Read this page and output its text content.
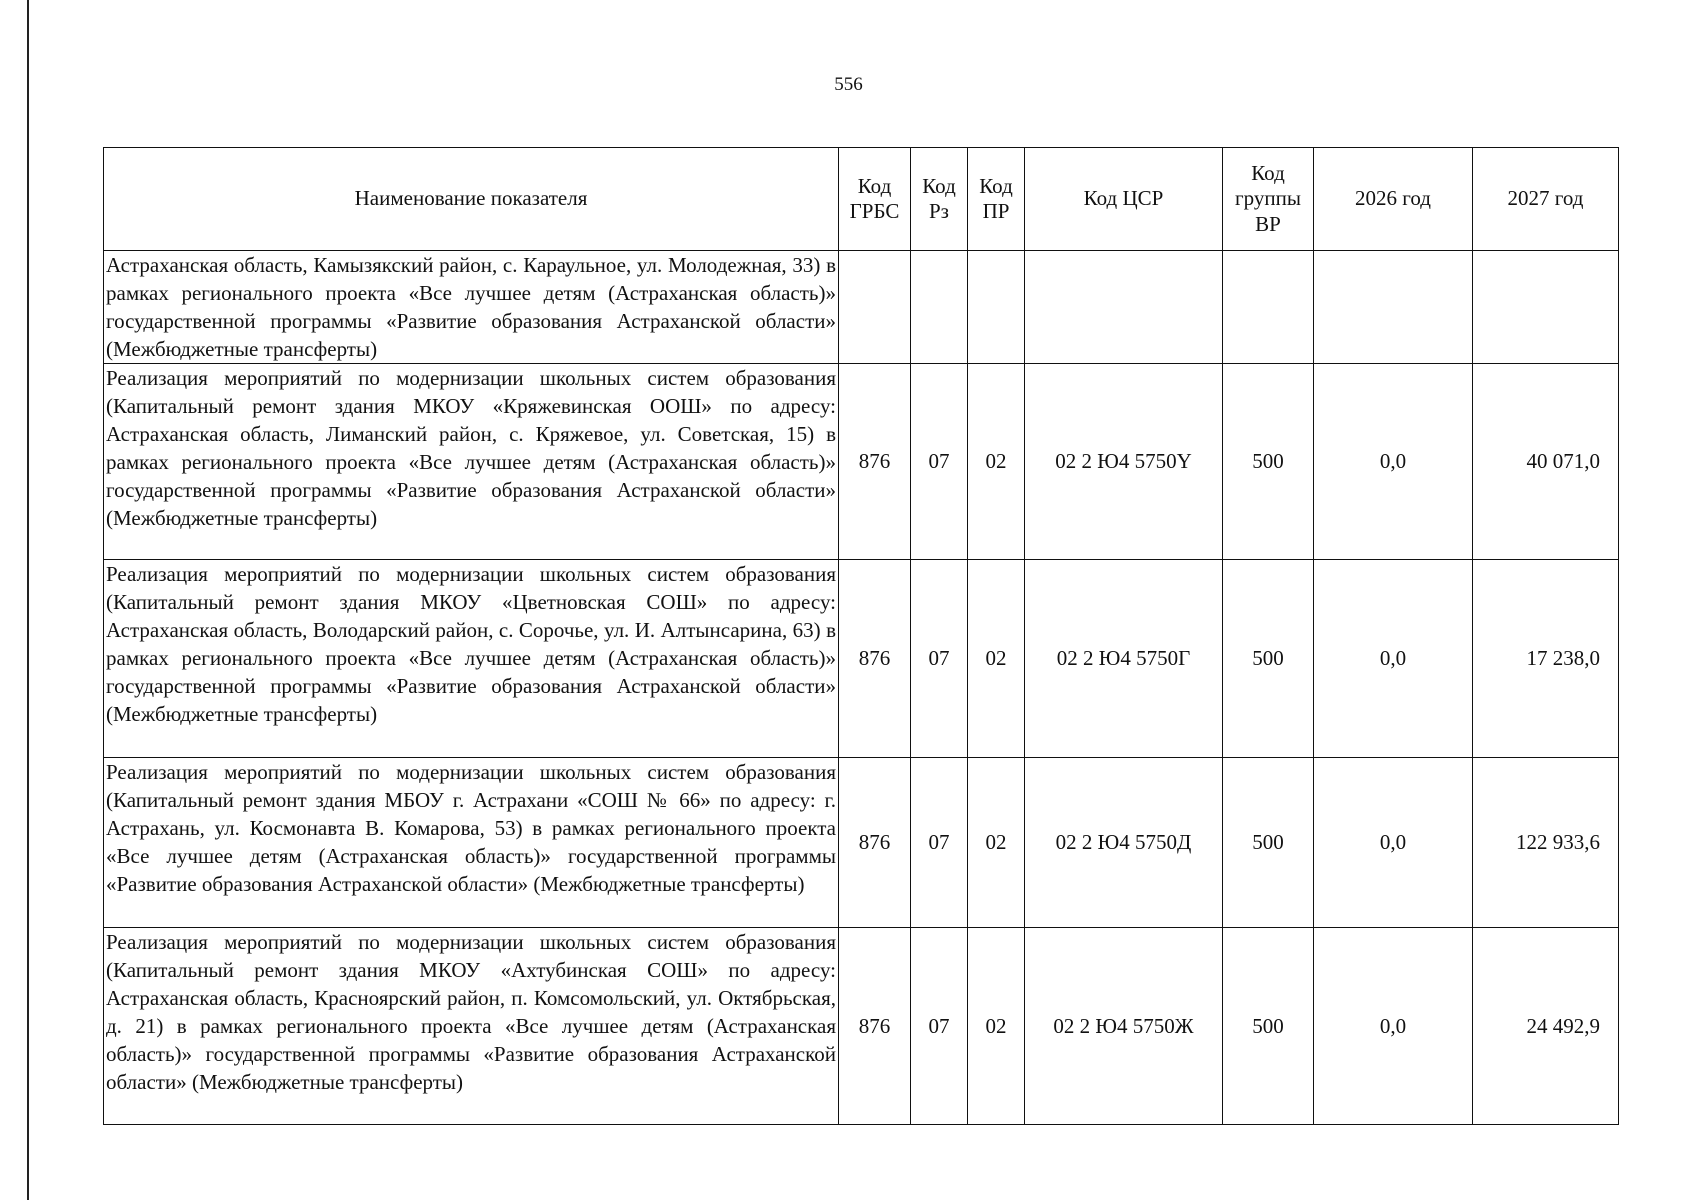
556
Наименование показателя	Код ГРБС	Код Рз	Код ПР	Код ЦСР	Код группы ВР	2026 год	2027 год
Астраханская область, Камызякский район, с. Караульное, ул. Молодежная, 33) в рамках регионального проекта «Все лучшее детям (Астраханская область)» государственной программы «Развитие образования Астраханской области» (Межбюджетные трансферты)							
Реализация мероприятий по модернизации школьных систем образования (Капитальный ремонт здания МКОУ «Кряжевинская ООШ» по адресу: Астраханская область, Лиманский район, с. Кряжевое, ул. Советская, 15) в рамках регионального проекта «Все лучшее детям (Астраханская область)» государственной программы «Развитие образования Астраханской области» (Межбюджетные трансферты)	876	07	02	02 2 Ю4 5750Y	500	0,0	40 071,0
Реализация мероприятий по модернизации школьных систем образования (Капитальный ремонт здания МКОУ «Цветновская СОШ» по адресу: Астраханская область, Володарский район, с. Сорочье, ул. И. Алтынсарина, 63) в рамках регионального проекта «Все лучшее детям (Астраханская область)» государственной программы «Развитие образования Астраханской области» (Межбюджетные трансферты)	876	07	02	02 2 Ю4 5750Г	500	0,0	17 238,0
Реализация мероприятий по модернизации школьных систем образования (Капитальный ремонт здания МБОУ г. Астрахани «СОШ № 66» по адресу: г. Астрахань, ул. Космонавта В. Комарова, 53) в рамках регионального проекта «Все лучшее детям (Астраханская область)» государственной программы «Развитие образования Астраханской области» (Межбюджетные трансферты)	876	07	02	02 2 Ю4 5750Д	500	0,0	122 933,6
Реализация мероприятий по модернизации школьных систем образования (Капитальный ремонт здания МКОУ «Ахтубинская СОШ» по адресу: Астраханская область, Красноярский район, п. Комсомольский, ул. Октябрьская, д. 21) в рамках регионального проекта «Все лучшее детям (Астраханская область)» государственной программы «Развитие образования Астраханской области» (Межбюджетные трансферты)	876	07	02	02 2 Ю4 5750Ж	500	0,0	24 492,9
